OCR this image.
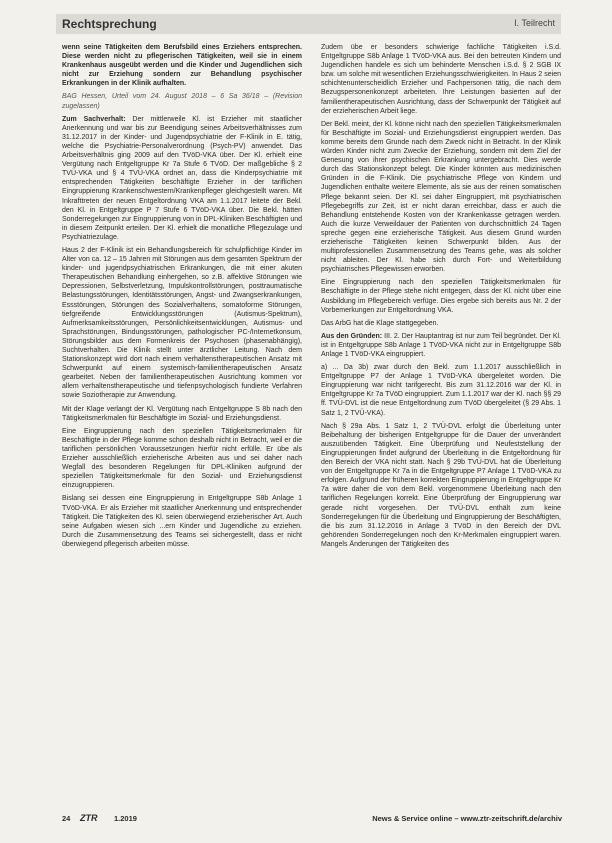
Rechtsprechung	I. Teilrecht

wenn seine Tätigkeiten dem Berufsbild eines Erziehers entsprechen. Diese werden nicht zu pflegerischen Tätigkeiten, weil sie in einem Krankenhaus ausgeübt werden und die Kinder und Jugendlichen sich nicht zur Erziehung sondern zur Behandlung psychischer Erkrankungen in der Klinik aufhalten.

BAG Hessen, Urteil vom 24. August 2018 – 6 Sa 36/18 – (Revision zugelassen)

Zum Sachverhalt: Der mittlerweile Kl. ist Erzieher mit staatlicher Anerkennung und war bis zur Beendigung seines Arbeitsverhältnisses zum 31.12.2017 in der Kinder- und Jugendpsychiatrie der F-Klinik in E. tätig, welche die Psychiatrie-Personalverordnung (Psych-PV) anwendet. Das Arbeitsverhältnis ging 2009 auf den TVöD-VKA über. Der Kl. erhielt eine Vergütung nach Entgeltgruppe Kr 7a Stufe 6 TVöD. Der maßgebliche § 2 TVÜ-VKA und § 4 TVÜ-VKA ordnet an, dass die Kinderpsychiatrie mit entsprechenden Tätigkeiten beschäftigte Erzieher in der tariflichen Eingruppierung Krankenschwestern/Krankenpfleger gleichgestellt waren. Mit Inkrafttreten der neuen Entgeltordnung VKA am 1.1.2017 leitete der Bekl. den Kl. in Entgeltgruppe P 7 Stufe 6 TVöD-VKA über. Die Bekl. hätten Sonderregelungen zur Eingruppierung von in DPL-Kliniken Beschäftigten und in diesem Zeitpunkt erteilen. Der Kl. erhielt die monatliche Pflegezulage und Psychiatriezulage.

Haus 2 der F-Klinik ist ein Behandlungsbereich für schulpflichtige Kinder im Alter von ca. 12 – 15 Jahren mit Störungen aus dem gesamten Spektrum der kinder- und jugendpsychiatrischen Erkrankungen, die mit einer akuten Therapeutischen Behandlung einhergehen, so z.B. affektive Störungen wie Depressionen, Selbstverletzung, Impulskontrollstörungen, posttraumatische Belastungsstörungen, Identitätsstörungen, Angst- und Zwangserkrankungen, Essstörungen, Störungen des Sozialverhaltens, somatoforme Störungen, tiefgreifende Entwicklungsstörungen (Autismus-Spektrum), Aufmerksamkeitsstörungen, Persönlichkeitsentwicklungen, Autismus- und Sprachstörungen, Bindungsstörungen, pathologischer PC-/Internetkonsum, Störungsbilder aus dem Formenkreis der Psychosen (phasenabhängig), Suchtverhalten. Die Klinik stellt unter ärztlicher Leitung. Nach dem Stationskonzept wird dort nach einem verhaltenstherapeutischen Ansatz mit Schwerpunkt auf einem systemisch-familientherapeutischen Ansatz gearbeitet. Neben der familientherapeutischen Ausrichtung kommen vor allem verhaltenstherapeutische und tiefenpsychologisch fundierte Verfahren sowie Soziotherapie zur Anwendung.

Mit der Klage verlangt der Kl. Vergütung nach Entgeltgruppe S 8b nach den Tätigkeitsmerkmalen für Beschäftigte im Sozial- und Erziehungsdienst.

Eine Eingruppierung nach den speziellen Tätigkeitsmerkmalen für Beschäftigte in der Pflege komme schon deshalb nicht in Betracht, weil er die tariflichen persönlichen Voraussetzungen hierfür nicht erfülle. Er übe als Erzieher ausschließlich erzieherische Arbeiten aus und sei daher nach Wegfall des besonderen Regelungen für DPL-Kliniken aufgrund der speziellen Tätigkeitsmerkmale für den Sozial- und Erziehungsdienst einzugruppieren.

Bislang sei dessen eine Eingruppierung in Entgeltgruppe S8b Anlage 1 TVöD-VKA. Er als Erzieher mit staatlicher Anerkennung und entsprechender Tätigkeit. Die Tätigkeiten des Kl. seien überwiegend erzieherischer Art. Auch seine Aufgaben wiesen sich ...ern Kinder und Jugendliche zu erziehen. Durch die Zusammensetzung des Teams sei sichergestellt, dass er nicht überwiegend pflegerisch arbeiten müsse.

Zudem übe er besonders schwierige fachliche Tätigkeiten i.S.d. Entgeltgruppe S8b Anlage 1 TVöD-VKA aus. Bei den betreuten Kindern und Jugendlichen handele es sich um behinderte Menschen i.S.d. § 2 SGB IX bzw. um solche mit wesentlichen Erziehungsschwierigkeiten. In Haus 2 seien schichtenunterscheidlich Erzieher und Fachpersonen tätig, die nach dem Bezugspersonenkonzept arbeiteten. Ihre Leistungen basierten auf der familientherapeutischen Ausrichtung, dass der Schwerpunkt der Tätigkeit auf der erzieherischen Arbeit liege.

Der Bekl. meint, der Kl. könne nicht nach den speziellen Tätigkeitsmerkmalen für Beschäftigte im Sozial- und Erziehungsdienst eingruppiert werden. Das komme bereits dem Grunde nach dem Zweck nicht in Betracht. In der Klinik würden Kinder nicht zum Zwecke der Erziehung, sondern mit dem Ziel der Genesung von ihrer psychischen Erkrankung untergebracht. Dies werde durch das Stationskonzept belegt. Die Kinder könnten aus medizinischen Gründen in die F-Klinik. Die psychiatrische Pflege von Kindern und Jugendlichen enthalte weitere Elemente, als sie aus der reinen somatischen Pflege bekannt seien. Der Kl. sei daher Eingruppiert, mit psychiatrischen Pflegebegriffs zur Zeit, ist er nicht daran erreichbar, dass er auch die Behandlung entstehende Kosten von der Krankenkasse getragen werden. Auch die kurze Verweildauer der Patienten von durchschnittlich 24 Tagen spreche gegen eine erzieherische Tätigkeit. Aus diesem Grund wurden erzieherische Tätigkeiten keinen Schwerpunkt bilden. Aus der multiprofessionellen Zusammensetzung des Teams gehe, was als solcher nicht ableiten. Der Kl. habe sich durch Fort- und Weiterbildung psychiatrisches Pflegewissen erworben.

Eine Eingruppierung nach den speziellen Tätigkeitsmerkmalen für Beschäftigte in der Pflege stehe nicht entgegen, dass der Kl. nicht über eine Ausbildung im Pflegebereich verfüge. Dies ergebe sich bereits aus Nr. 2 der Vorbemerkungen zur Entgeltordnung VKA.

Das ArbG hat die Klage stattgegeben.

Aus den Gründen: III. 2. Der Hauptantrag ist nur zum Teil begründet. Der Kl. ist in Entgeltgruppe S8b Anlage 1 TVöD-VKA nicht zur in Entgeltgruppe S8b Anlage 1 TVöD-VKA eingruppiert.

a) ... Da 3b) zwar durch den Bekl. zum 1.1.2017 ausschließlich in Entgeltgruppe P7 der Anlage 1 TVöD-VKA übergeleitet worden. Die Eingruppierung war nicht tarifgerecht. Bis zum 31.12.2016 war der Kl. in Entgeltgruppe Kr 7a TVöD eingruppiert. Zum 1.1.2017 war der Kl. nach §§ 29 ff. TVÜ-DVL ist die neue Entgeltordnung zum TVöD übergeleitet (§ 29 Abs. 1 Satz 1, 2 TVÜ-VKA).

Nach § 29a Abs. 1 Satz 1, 2 TVÜ-DVL erfolgt die Überleitung unter Beibehaltung der bisherigen Entgeltgruppe für die Dauer der unverändert auszuübenden Tätigkeit. Eine Überprüfung und Neufeststellung der Eingruppierungen findet aufgrund der Überleitung in die Entgeltordnung für den Bereich der VKA nicht statt. Nach § 29b TVÜ-DVL hat die Überleitung von der Entgeltgruppe Kr 7a in die Entgeltgruppe P7 Anlage 1 TVöD-VKA zu erfolgen. Aufgrund der früheren korrekten Eingruppierung in Entgeltgruppe Kr 7a wäre daher die von dem Bekl. vorgenommene Überleitung nach den tariflichen Regelungen korrekt. Eine Überprüfung der Eingruppierung war gerade nicht vorgesehen. Der TVÜ-DVL enthält zum keine Sonderregelungen für die Überleitung und Eingruppierung der Beschäftigten, die bis zum 31.12.2016 in Anlage 3 TVöD in den Bereich der DVL gehörenden Sonderregelungen noch den Kr-Merkmalen eingruppiert waren. Mangels Änderungen der Tätigkeiten des

24 ZTR 1.2019	News & Service online – www.ztr-zeitschrift.de/archiv
